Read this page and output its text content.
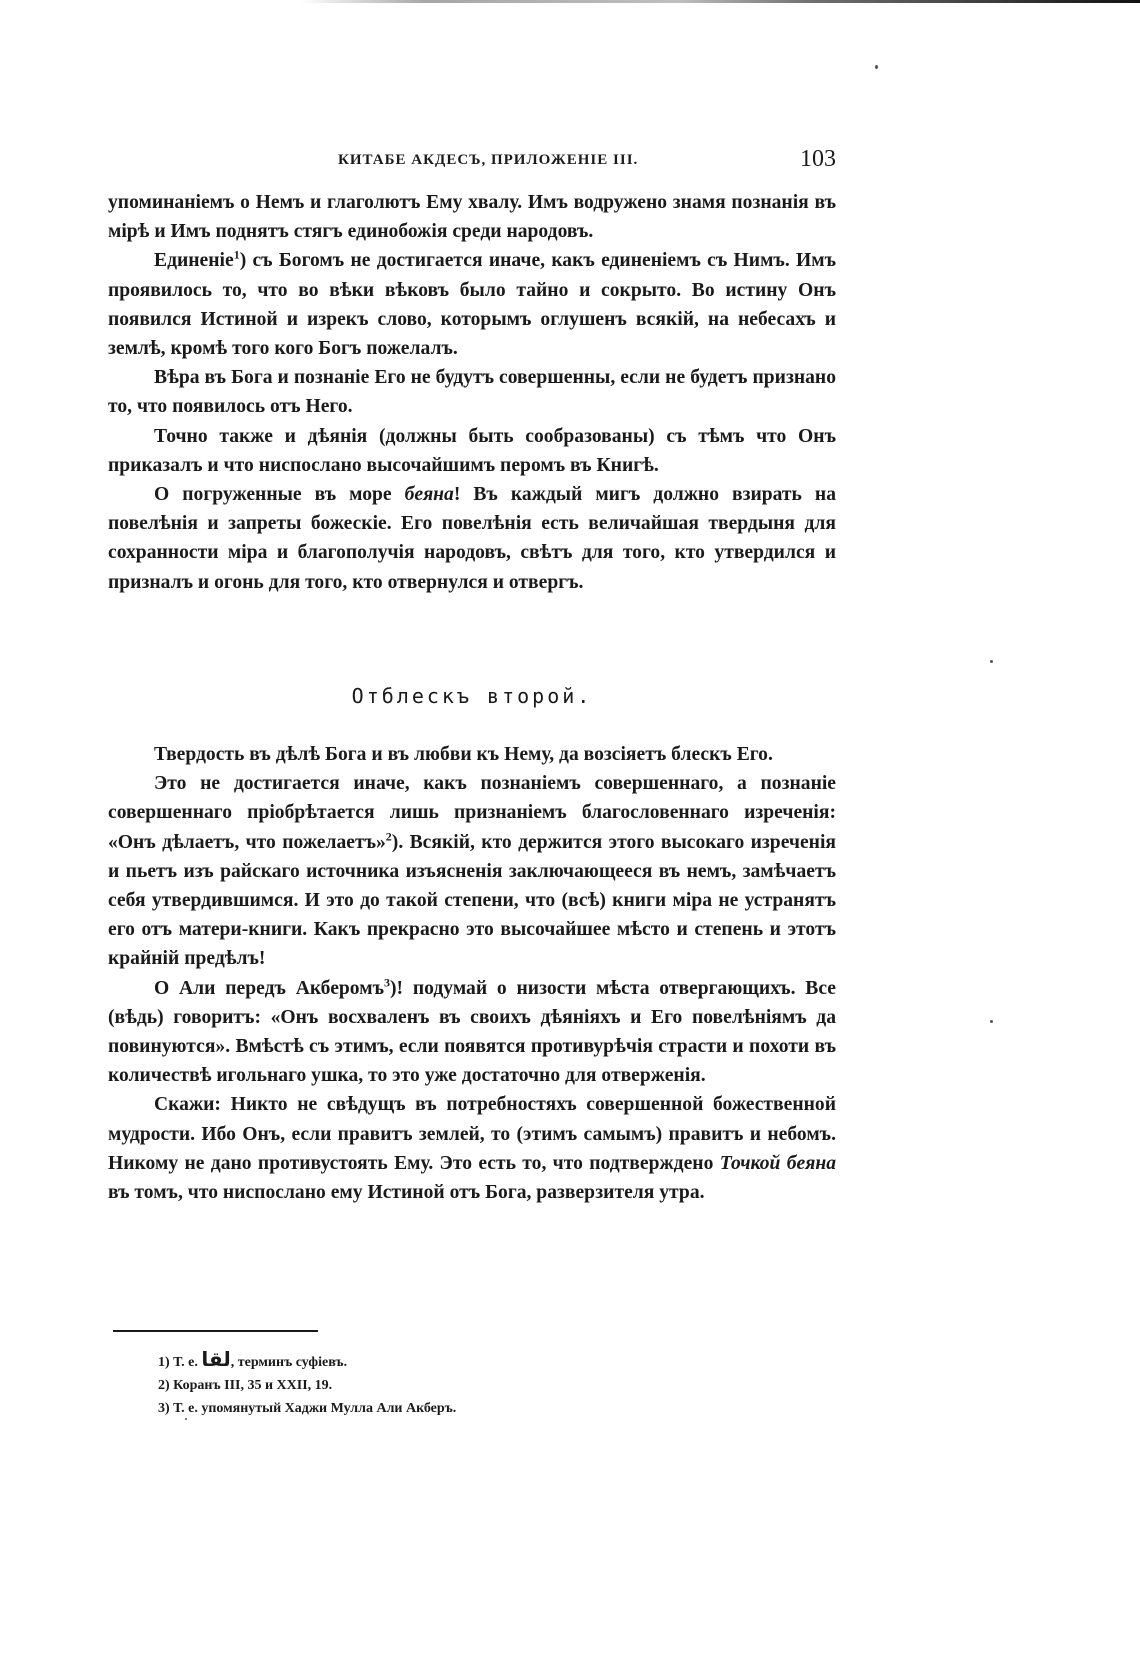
КИТАБЕ АКДЕСЪ, ПРИЛОЖЕНІЕ III.	103

упоминаніемъ о Немъ и глаголютъ Ему хвалу. Имъ водружено знамя познанія въ мірѣ и Имъ поднятъ стягъ единобожія среди народовъ.

Единеніе$^1$) съ Богомъ не достигается иначе, какъ единеніемъ съ Нимъ. Имъ проявилось то, что во вѣки вѣковъ было тайно и сокрыто. Во истину Онъ появился Истиной и изрекъ слово, которымъ оглушенъ всякій, на небесахъ и землѣ, кромѣ того кого Богъ пожелалъ.

Вѣра въ Бога и познаніе Его не будутъ совершенны, если не будетъ признано то, что появилось отъ Него.

Точно также и дѣянія (должны быть сообразованы) съ тѣмъ что Онъ приказалъ и что ниспослано высочайшимъ перомъ въ Книгѣ.

О погруженные въ море беяна! Въ каждый мигъ должно взирать на повелѣнія и запреты божескіе. Его повелѣнія есть величайшая твердыня для сохранности міра и благополучія народовъ, свѣтъ для того, кто утвердился и призналъ и огонь для того, кто отвернулся и отвергъ.

Отблескъ второй.

Твердость въ дѣлѣ Бога и въ любви къ Нему, да возсіяетъ блескъ Его.

Это не достигается иначе, какъ познаніемъ совершеннаго, а познаніе совершеннаго пріобрѣтается лишь признаніемъ благословеннаго изреченія: «Онъ дѣлаетъ, что пожелаетъ»$^2$). Всякій, кто держится этого высокаго изреченія и пьетъ изъ райскаго источника изъясненія заключающееся въ немъ, замѣчаетъ себя утвердившимся. И это до такой степени, что (всѣ) книги міра не устранятъ его отъ матери-книги. Какъ прекрасно это высочайшее мѣсто и степень и этотъ крайній предѣлъ!

О Али передъ Акберомъ$^3$)! подумай о низости мѣста отвергающихъ. Все (вѣдь) говоритъ: «Онъ восхваленъ въ своихъ дѣяніяхъ и Его повелѣніямъ да повинуются». Вмѣстѣ съ этимъ, если появятся противурѣчія страсти и похоти въ количествѣ игольнаго ушка, то это уже достаточно для отверженія.

Скажи: Никто не свѣдущъ въ потребностяхъ совершенной божественной мудрости. Ибо Онъ, если правитъ землей, то (этимъ самымъ) правитъ и небомъ. Никому не дано противустоять Ему. Это есть то, что подтверждено Точкой беяна въ томъ, что ниспослано ему Истиной отъ Бога, разверзителя утра.

1) Т. е. لقا, терминъ суфіевъ.
2) Коранъ III, 35 и XXII, 19.
3) Т. е. упомянутый Хаджи Мулла Али Акберъ.
